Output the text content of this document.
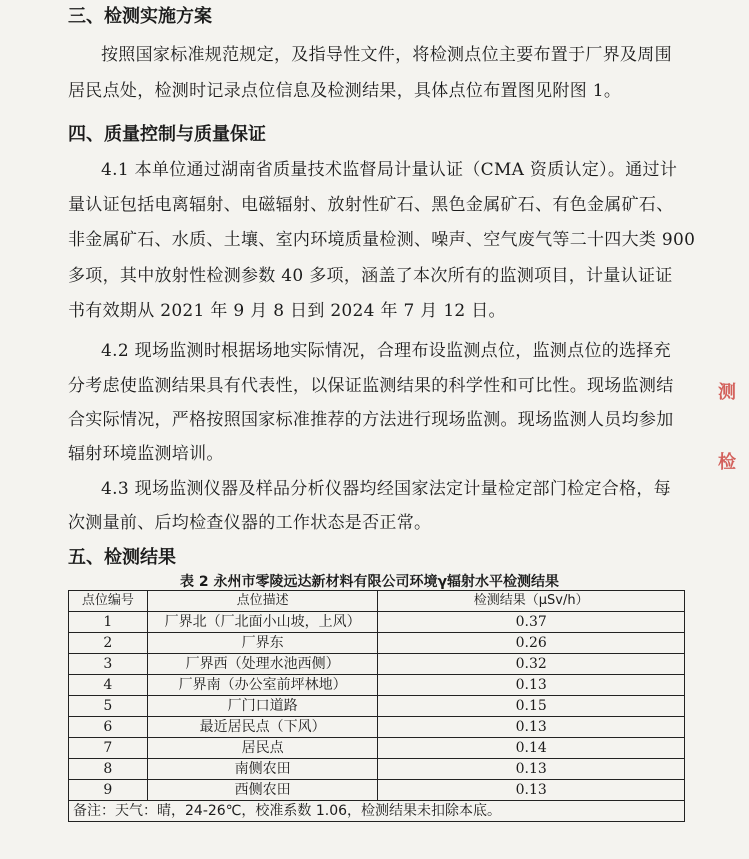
三、检测实施方案
按照国家标准规范规定，及指导性文件，将检测点位主要布置于厂界及周围
居民点处，检测时记录点位信息及检测结果，具体点位布置图见附图 1。
四、质量控制与质量保证
4.1 本单位通过湖南省质量技术监督局计量认证（CMA 资质认定）。通过计
量认证包括电离辐射、电磁辐射、放射性矿石、黑色金属矿石、有色金属矿石、
非金属矿石、水质、土壤、室内环境质量检测、噪声、空气废气等二十四大类 900
多项，其中放射性检测参数 40 多项，涵盖了本次所有的监测项目，计量认证证
书有效期从 2021 年 9 月 8 日到 2024 年 7 月 12 日。
4.2 现场监测时根据场地实际情况，合理布设监测点位，监测点位的选择充
分考虑使监测结果具有代表性，以保证监测结果的科学性和可比性。现场监测结
合实际情况，严格按照国家标准推荐的方法进行现场监测。现场监测人员均参加
辐射环境监测培训。
4.3 现场监测仪器及样品分析仪器均经国家法定计量检定部门检定合格，每
表 2 永州市零陵远达新材料有限公司环境γ辐射水平检测结果
点位编号	点位描述	检测结果（μSv/h）
1	厂界北（厂北面小山坡，上风）	0.37
2	厂界东	0.26
3	厂界西（处理水池西侧）	0.32
4	厂界南（办公室前坪林地）	0.13
5	厂门口道路	0.15
6	最近居民点（下风）	0.13
7	居民点	0.14
8	南侧农田	0.13
9	西侧农田	0.13
备注：天气：晴，24-26℃，校准系数 1.06，检测结果未扣除本底。		
测
检
次测量前、后均检查仪器的工作状态是否正常。
五、检测结果
